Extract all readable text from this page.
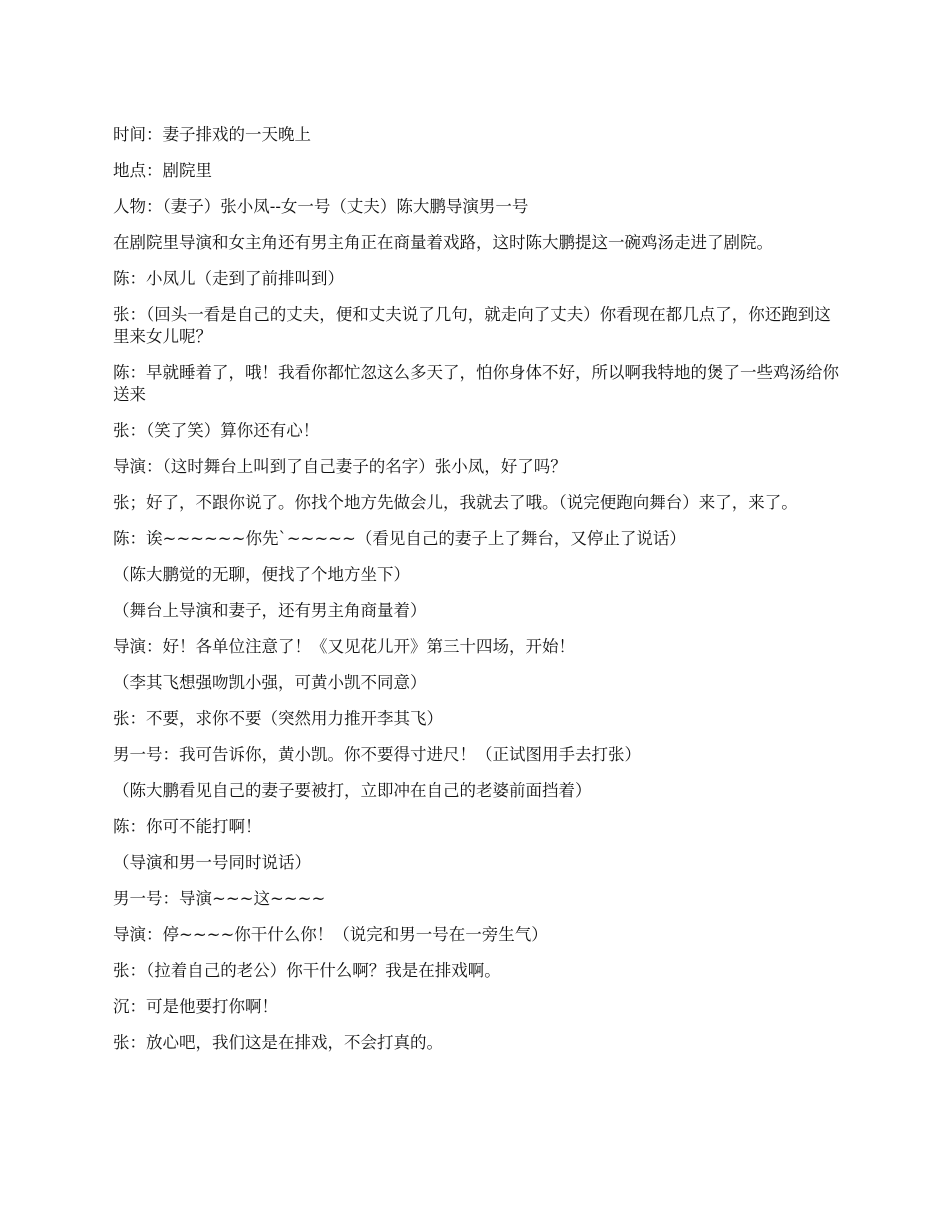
时间：妻子排戏的一天晚上

地点：剧院里

人物：（妻子）张小凤--女一号（丈夫）陈大鹏导演男一号

在剧院里导演和女主角还有男主角正在商量着戏路，这时陈大鹏提这一碗鸡汤走进了剧院。

陈：小凤儿（走到了前排叫到）

张：（回头一看是自己的丈夫，便和丈夫说了几句，就走向了丈夫）你看现在都几点了，你还跑到这里来女儿呢？

陈：早就睡着了，哦！我看你都忙忽这么多天了，怕你身体不好，所以啊我特地的煲了一些鸡汤给你送来

张：（笑了笑）算你还有心！

导演：（这时舞台上叫到了自己妻子的名字）张小凤，好了吗？

张；好了，不跟你说了。你找个地方先做会儿，我就去了哦。（说完便跑向舞台）来了，来了。

陈：诶~~~~~~你先`~~~~~（看见自己的妻子上了舞台，又停止了说话）

（陈大鹏觉的无聊，便找了个地方坐下）

（舞台上导演和妻子，还有男主角商量着）

导演：好！各单位注意了！《又见花儿开》第三十四场，开始！

（李其飞想强吻凯小强，可黄小凯不同意）

张：不要，求你不要（突然用力推开李其飞）

男一号：我可告诉你，黄小凯。你不要得寸进尺！（正试图用手去打张）

（陈大鹏看见自己的妻子要被打，立即冲在自己的老婆前面挡着）

陈：你可不能打啊！

（导演和男一号同时说话）

男一号：导演~~~这~~~~

导演：停~~~~你干什么你！（说完和男一号在一旁生气）

张：（拉着自己的老公）你干什么啊？我是在排戏啊。

沉：可是他要打你啊！

张：放心吧，我们这是在排戏，不会打真的。
